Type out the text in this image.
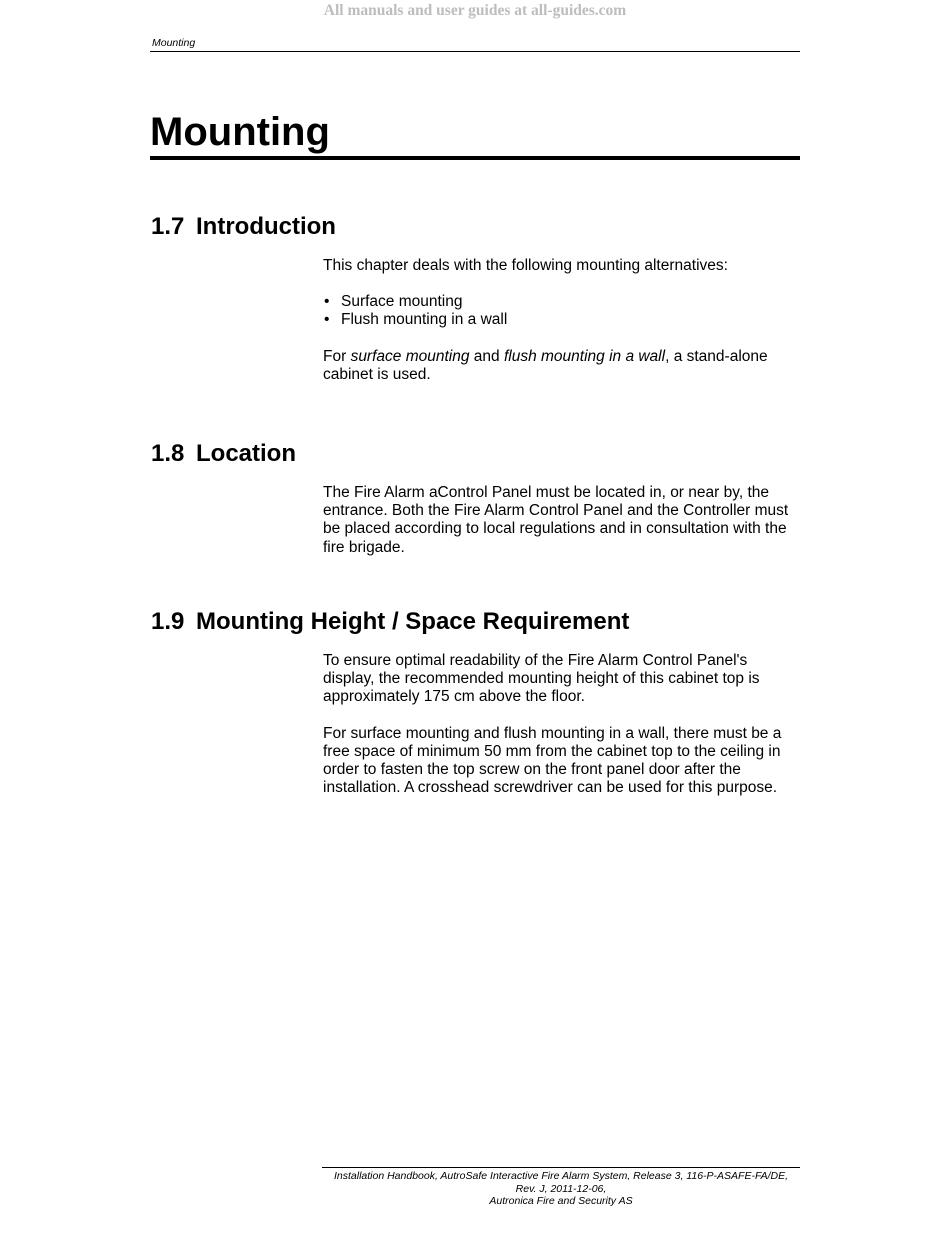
All manuals and user guides at all-guides.com
Mounting
Mounting
1.7 Introduction

This chapter deals with the following mounting alternatives:

• Surface mounting
• Flush mounting in a wall

For surface mounting and flush mounting in a wall, a stand-alone cabinet is used.

1.8 Location

The Fire Alarm aControl Panel must be located in, or near by, the entrance. Both the Fire Alarm Control Panel and the Controller must be placed according to local regulations and in consultation with the fire brigade.

1.9 Mounting Height / Space Requirement

To ensure optimal readability of the Fire Alarm Control Panel's display, the recommended mounting height of this cabinet top is approximately 175 cm above the floor.

For surface mounting and flush mounting in a wall, there must be a free space of minimum 50 mm from the cabinet top to the ceiling in order to fasten the top screw on the front panel door after the installation. A crosshead screwdriver can be used for this purpose.

Installation Handbook, AutroSafe Interactive Fire Alarm System, Release 3, 116-P-ASAFE-FA/DE,
Rev. J, 2011-12-06,
Autronica Fire and Security AS
